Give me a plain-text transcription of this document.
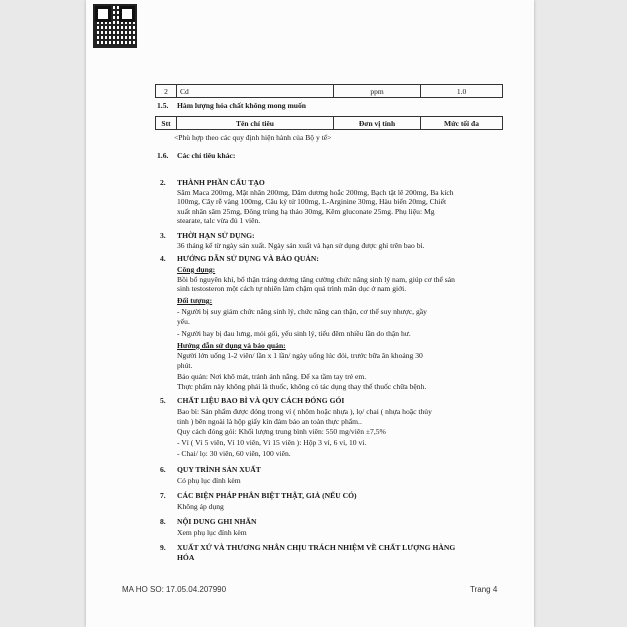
2	Cd	ppm	1.0
1.5. Hàm lượng hóa chất không mong muốn
Stt	Tên chỉ tiêu	Đơn vị tính	Mức tối đa
<Phù hợp theo các quy định hiện hành của Bộ y tế>
1.6. Các chỉ tiêu khác:
2. THÀNH PHẦN CẤU TẠO
Sâm Maca 200mg, Mật nhân 200mg, Dâm dương hoắc 200mg, Bạch tật lê 200mg, Ba kích
100mg, Cây rễ vàng 100mg, Câu kỷ tử 100mg, L-Arginine 30mg, Hàu biển 20mg, Chiết
xuất nhân sâm 25mg, Đông trùng hạ thảo 30mg, Kẽm gluconate 25mg. Phụ liệu: Mg
stearate, talc vừa đủ 1 viên.
3. THỜI HẠN SỬ DỤNG:
36 tháng kể từ ngày sản xuất. Ngày sản xuất và hạn sử dụng được ghi trên bao bì.
4. HƯỚNG DẪN SỬ DỤNG VÀ BẢO QUẢN:
Công dụng:
Bồi bổ nguyên khí, bổ thận tráng dương tăng cường chức năng sinh lý nam, giúp cơ thể sản
sinh testosteron một cách tự nhiên làm chậm quá trình mãn dục ở nam giới.
Đối tượng:
- Người bị suy giảm chức năng sinh lý, chức năng can thận, cơ thể suy nhược, gầy
yếu.
- Người hay bị đau lưng, mỏi gối, yếu sinh lý, tiểu đêm nhiều lần do thận hư.
Hướng dẫn sử dụng và bảo quản:
Người lớn uống 1-2 viên/ lần x 1 lần/ ngày uống lúc đói, trước bữa ăn khoảng 30
phút.
Bảo quản: Nơi khô mát, tránh ánh nắng. Để xa tầm tay trẻ em.
Thực phẩm này không phải là thuốc, không có tác dụng thay thế thuốc chữa bệnh.
5. CHẤT LIỆU BAO BÌ VÀ QUY CÁCH ĐÓNG GÓI
Bao bì: Sản phẩm được đóng trong vỉ ( nhôm hoặc nhựa ), lọ/ chai ( nhựa hoặc thủy
tinh ) bên ngoài là hộp giấy kín đảm bảo an toàn thực phẩm..
Quy cách đóng gói: Khối lượng trung bình viên: 550 mg/viên ±7,5%
- Vỉ ( Vỉ 5 viên, Vỉ 10 viên, Vỉ 15 viên ): Hộp 3 vỉ, 6 vỉ, 10 vỉ.
- Chai/ lọ: 30 viên, 60 viên, 100 viên.
6. QUY TRÌNH SẢN XUẤT
Có phụ lục đính kèm
7. CÁC BIỆN PHÁP PHÂN BIỆT THẬT, GIẢ (NẾU CÓ)
Không áp dụng
8. NỘI DUNG GHI NHÃN
Xem phụ lục đính kèm
9. XUẤT XỨ VÀ THƯƠNG NHÂN CHỊU TRÁCH NHIỆM VỀ CHẤT LƯỢNG HÀNG
HÓA
MA HO SO: 17.05.04.207990	Trang 4
